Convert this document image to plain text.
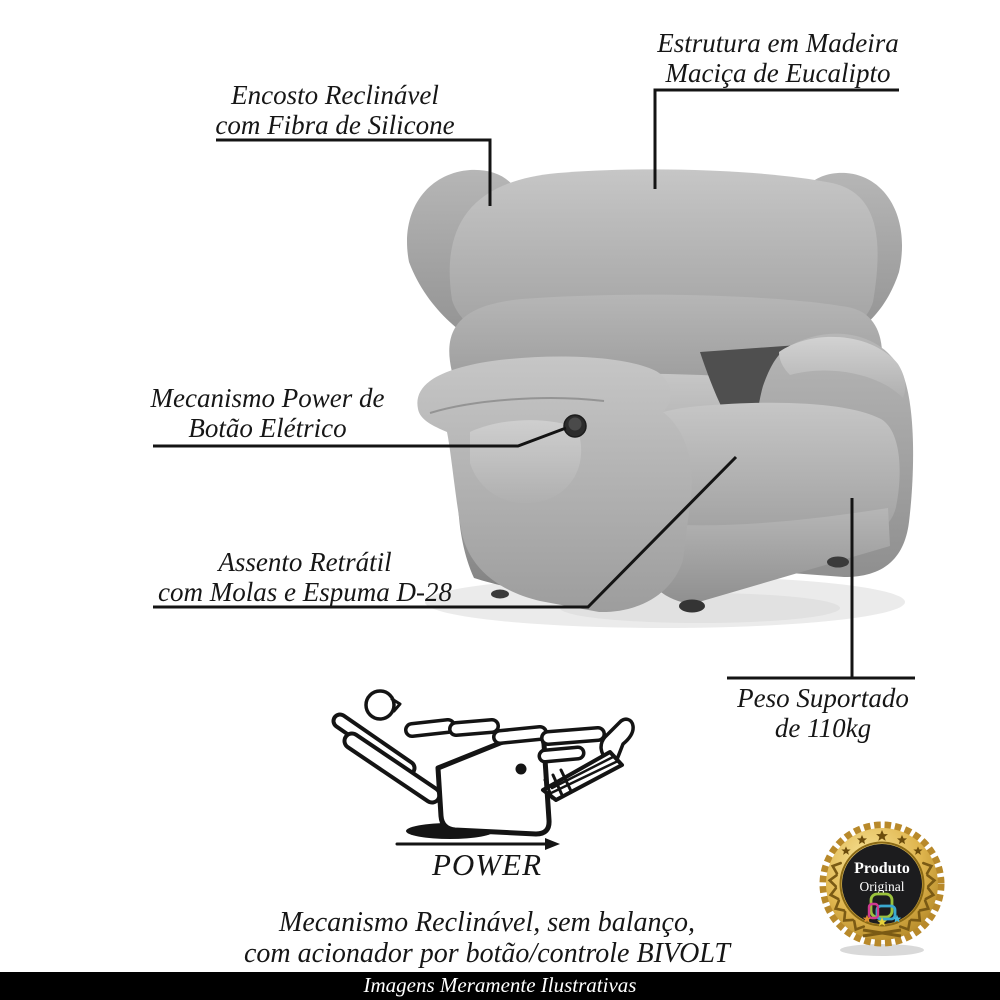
Produto
Original
Estrutura em Madeira
Maciça de Eucalipto
Encosto Reclinável
com Fibra de Silicone
Mecanismo Power de
Botão Elétrico
Assento Retrátil
com Molas e Espuma D-28
Peso Suportado
de 110kg
POWER
Mecanismo Reclinável, sem balanço,
com acionador por botão/controle BIVOLT
Imagens Meramente Ilustrativas
